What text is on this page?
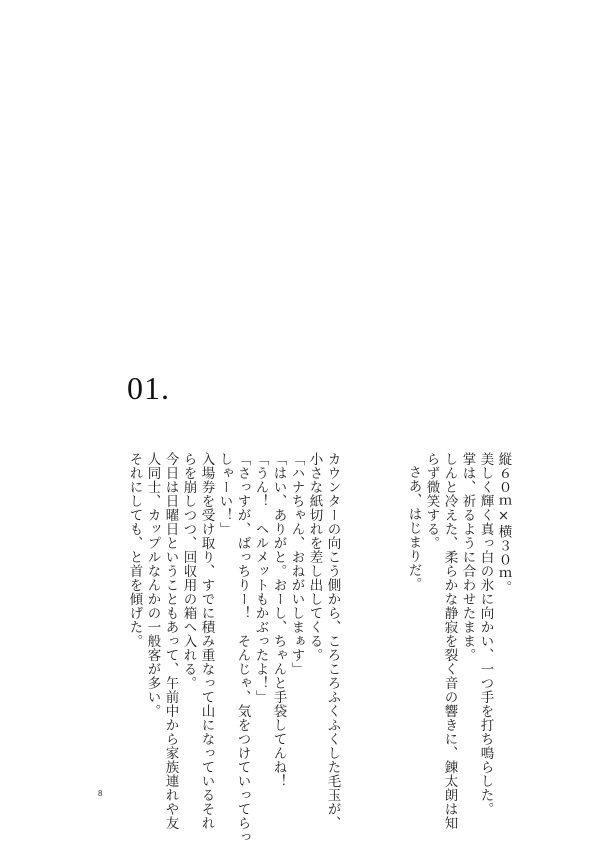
01.
縦６０ｍ×横３０ｍ。
美しく輝く真っ白の氷に向かい、一つ手を打ち鳴らした。
掌は、祈るように合わせたまま。
しんと冷えた、柔らかな静寂を裂く音の響きに、錬太朗は知
らず微笑する。
さあ、はじまりだ。
カウンターの向こう側から、ころころふくふくした毛玉が、
小さな紙切れを差し出してくる。
「ハナちゃん、おねがいしまぁす」
「はい、ありがと。おーし、ちゃんと手袋してんね！
「うん！　ヘルメットもかぶったよ！」
「さっすが、ばっちりー！　そんじゃ、気をつけていってらっ
しゃーい！」
入場券を受け取り、すでに積み重なって山になっているそれ
らを崩しつつ、回収用の箱へ入れる。
今日は日曜日ということもあって、午前中から家族連れや友
人同士、カップルなんかの一般客が多い。
それにしても、と首を傾げた。
8
